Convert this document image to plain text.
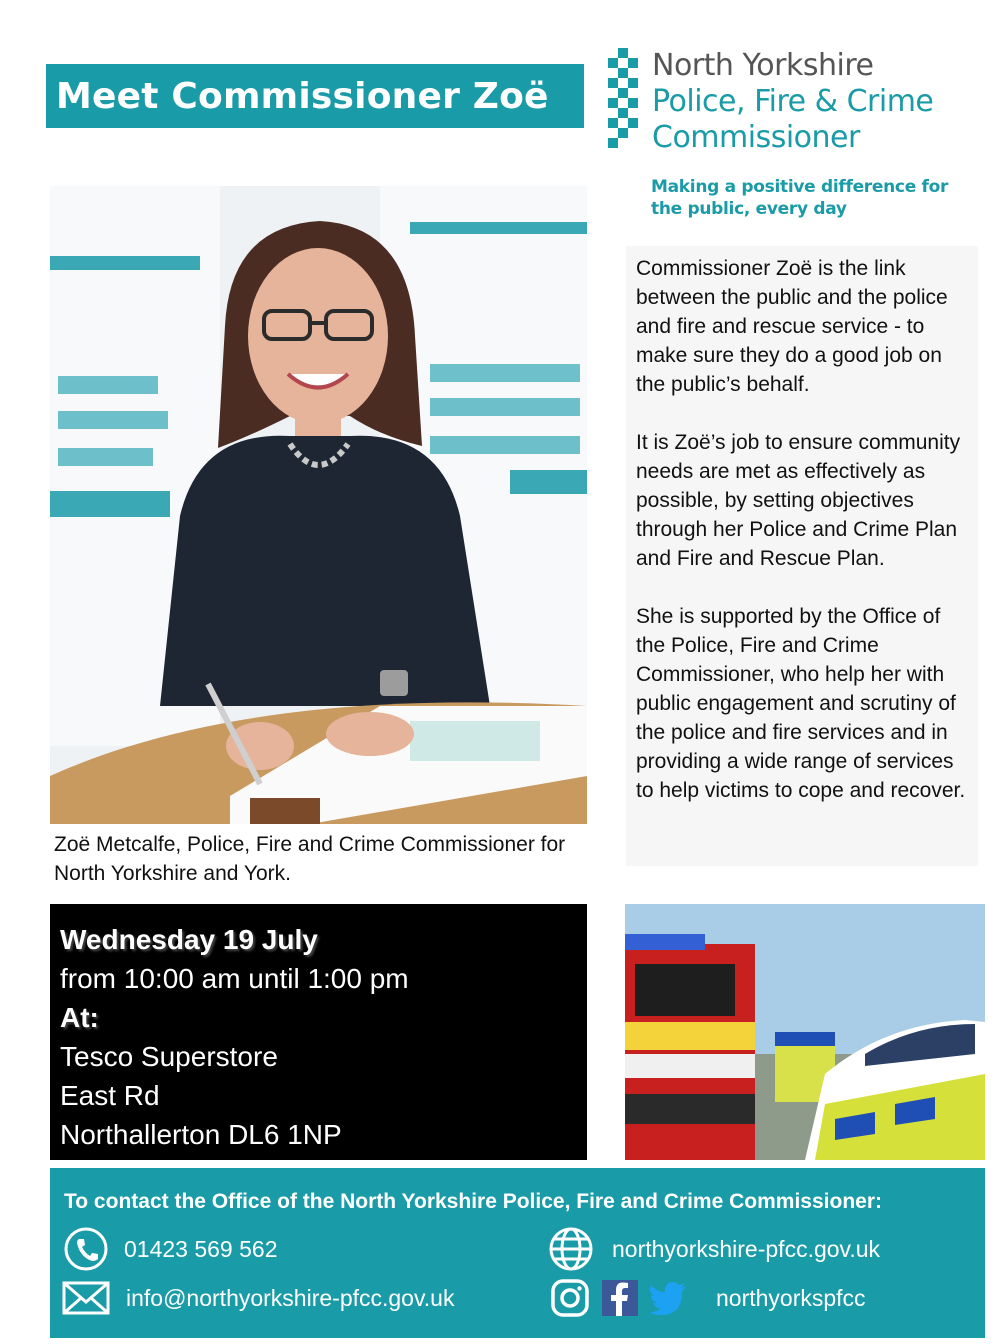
Meet Commissioner Zoë
North Yorkshire
Police, Fire & Crime
Commissioner
Making a positive difference for the public, every day
Zoë Metcalfe, Police, Fire and Crime Commissioner for North Yorkshire and York.

Commissioner Zoë is the link between the public and the police and fire and rescue service - to make sure they do a good job on the public’s behalf.

It is Zoë’s job to ensure community needs are met as effectively as possible, by setting objectives through her Police and Crime Plan and Fire and Rescue Plan.

She is supported by the Office of the Police, Fire and Crime Commissioner, who help her with public engagement and scrutiny of the police and fire services and in providing a wide range of services to help victims to cope and recover.

Wednesday 19 July
from 10:00 am until 1:00 pm
At:
Tesco Superstore
East Rd
Northallerton DL6 1NP
To contact the Office of the North Yorkshire Police, Fire and Crime Commissioner:
01423 569 562
info@northyorkshire-pfcc.gov.uk
northyorkshire-pfcc.gov.uk
northyorkspfcc
